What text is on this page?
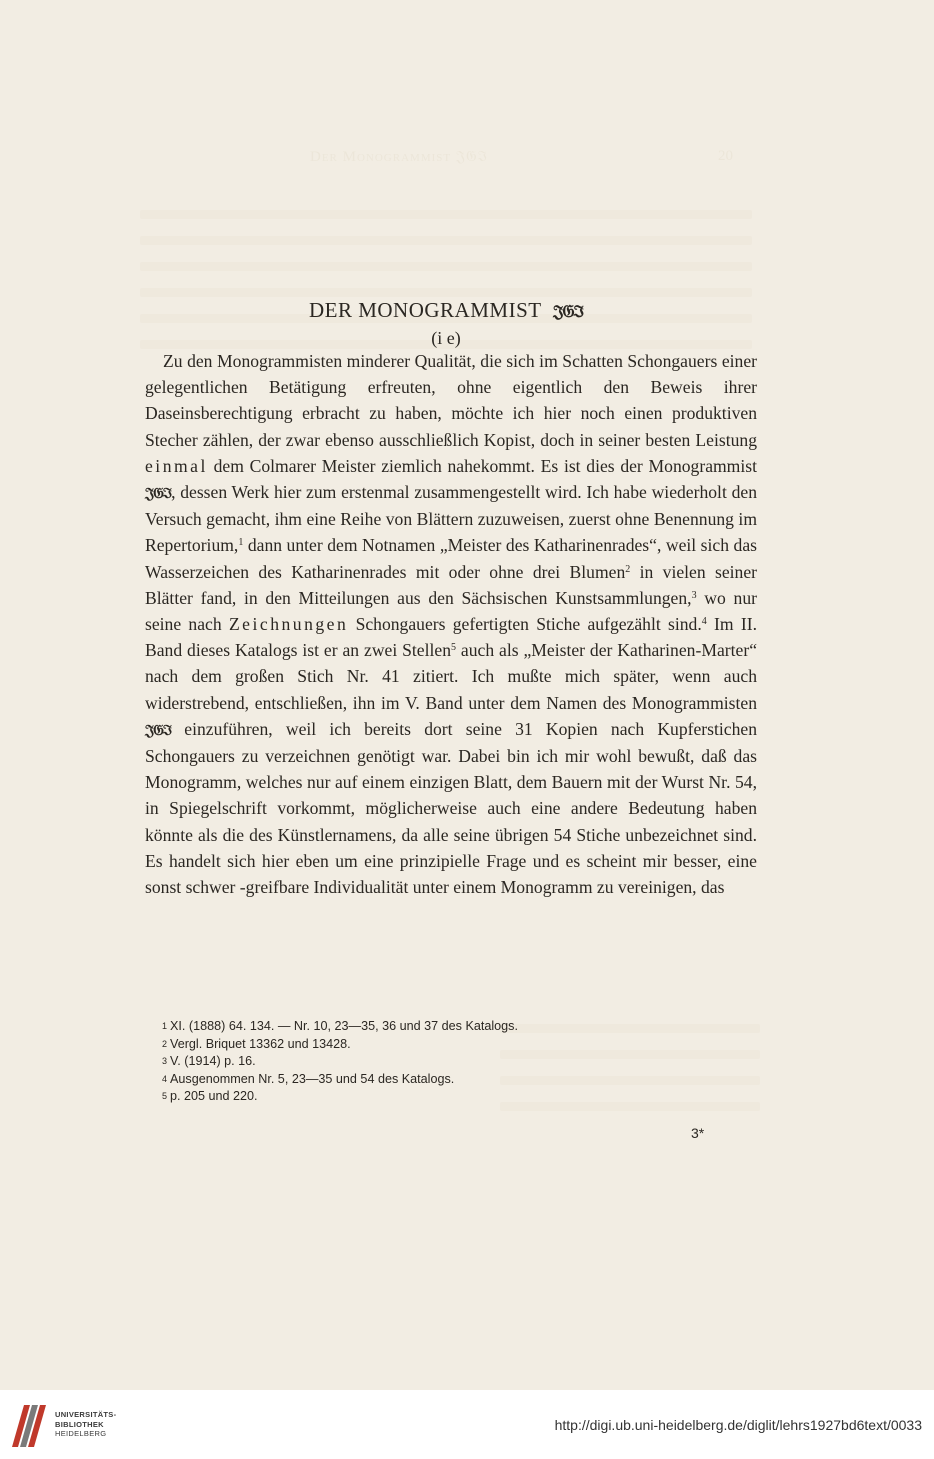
Der Monogrammist 𝔍𝔊ℑ	20
DER MONOGRAMMIST 𝔍𝔊ℑ
(i e)

Zu den Monogrammisten minderer Qualität, die sich im Schatten Schongauers einer gelegentlichen Betätigung erfreuten, ohne eigentlich den Beweis ihrer Daseinsberechtigung erbracht zu haben, möchte ich hier noch einen produktiven Stecher zählen, der zwar ebenso ausschließlich Kopist, doch in seiner besten Leistung einmal dem Colmarer Meister ziemlich nahekommt. Es ist dies der Monogrammist 𝔍𝔊ℑ, dessen Werk hier zum erstenmal zusammengestellt wird. Ich habe wiederholt den Versuch gemacht, ihm eine Reihe von Blättern zuzuweisen, zuerst ohne Benennung im Repertorium,$^1$ dann unter dem Notnamen „Meister des Katharinenrades“, weil sich das Wasserzeichen des Katharinenrades mit oder ohne drei Blumen$^2$ in vielen seiner Blätter fand, in den Mitteilungen aus den Sächsischen Kunstsammlungen,$^3$ wo nur seine nach Zeichnungen Schongauers gefertigten Stiche aufgezählt sind.$^4$ Im II. Band dieses Katalogs ist er an zwei Stellen$^5$ auch als „Meister der Katharinen-Marter“ nach dem großen Stich Nr. 41 zitiert. Ich mußte mich später, wenn auch widerstrebend, entschließen, ihn im V. Band unter dem Namen des Monogrammisten 𝔍𝔊ℑ einzuführen, weil ich bereits dort seine 31 Kopien nach Kupferstichen Schongauers zu verzeichnen genötigt war. Dabei bin ich mir wohl bewußt, daß das Monogramm, welches nur auf einem einzigen Blatt, dem Bauern mit der Wurst Nr. 54, in Spiegelschrift vorkommt, möglicherweise auch eine andere Bedeutung haben könnte als die des Künstlernamens, da alle seine übrigen 54 Stiche unbezeichnet sind. Es handelt sich hier eben um eine prinzipielle Frage und es scheint mir besser, eine sonst schwer -greifbare Individualität unter einem Monogramm zu vereinigen, das

1 XI. (1888) 64. 134. — Nr. 10, 23—35, 36 und 37 des Katalogs.
2 Vergl. Briquet 13362 und 13428.
3 V. (1914) p. 16.
4 Ausgenommen Nr. 5, 23—35 und 54 des Katalogs.
5 p. 205 und 220.
3*
UNIVERSITÄTS-
BIBLIOTHEK
HEIDELBERG
http://digi.ub.uni-heidelberg.de/diglit/lehrs1927bd6text/0033
